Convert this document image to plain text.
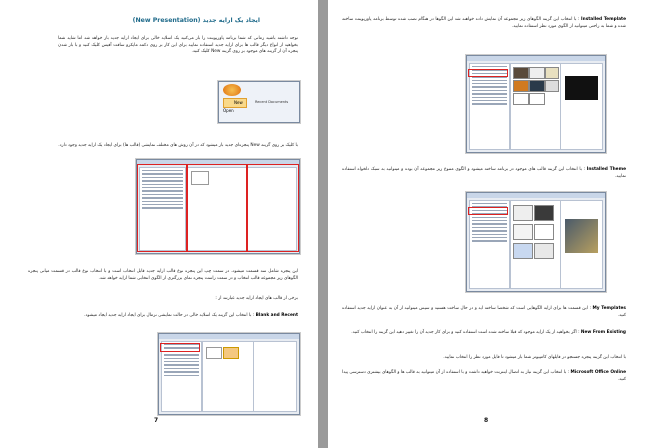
ایجاد یک ارایه جدید (New Presentation)
توجه داشته باشید زمانی که شما برنامه پاورپوینت را باز می‌کنید یک اسلاید خالی برای ایجاد ارایه جدید باز خواهد شد اما شاید شما بخواهید از انواع دیگر قالب ها برای ارایه جدید استفاده نمایید برای این کار بر روی دکمه مایکرو سافت آفیس کلیک کنید و با باز شدن پنجره آن از گزینه های موجود بر روی گزینه New کلیک کنید.
New
Open
Recent Documents
با کلیک بر روی گزینه New پنجره‌ای جدید باز میشود که در آن روش های مختلف نمایشی (قالب ها) برای ایجاد یک ارایه جدید وجود دارد.
این پنجره شامل سه قسمت میشود، در سمت چپ این پنجره نوع قالب ارایه جدید قابل انتخاب است و با انتخاب نوع قالب در قسمت میانی پنجره الگوهای زیر مجموعه قالب انتخاب و در سمت راست پنجره نمای بزرگتری از الگوی انتخابی شما ارایه خواهد شد.
برخی از قالب های ایجاد ارایه جدید عبارتند از :
Blank and Recent : با انتخاب این گزینه یک اسلاید خالی در حالت نمایشی نرمال برای ایجاد ارایه جدید ایجاد میشود.
7
Installed Template : با انتخاب این گزینه الگوهای زیر مجموعه آن نمایش داده خواهند شد این الگوها در هنگام نصب شده توسط برنامه پاورپوینت ساخته شده و شما به راحتی میتوانید از الگوی مورد نظر استفاده نمایید.
Installed Theme : با انتخاب این گزینه قالب های موجود در برنامه ساخته میشود و الگوی متنوع زیر مجموعه آن بوده و میتوانید به سبک دلخواه استفاده نمایید.
My Templates : این قسمت ها برای ارایه الگوهایی است که شخصا ساخته اید و در حال ساخت هستید و سپس میتوانید از آن به عنوان ارایه جدید استفاده کنید.
New From Existing : اگر بخواهید از یک ارایه موجود که قبلا ساخته شده است استفاده کنید و برای کار جدید آن را تغییر دهید این گزینه را انتخاب کنید.
با انتخاب این گزینه پنجره جستجو در فایلهای کامپیوتر شما باز میشود تا فایل مورد نظر را انتخاب نمایید.
Microsoft Office Online : با انتخاب این گزینه نیاز به اتصال اینترنت خواهید داشت و با استفاده از آن میتوانید به قالب ها و الگوهای بیشتری دسترسی پیدا کنید.
8
